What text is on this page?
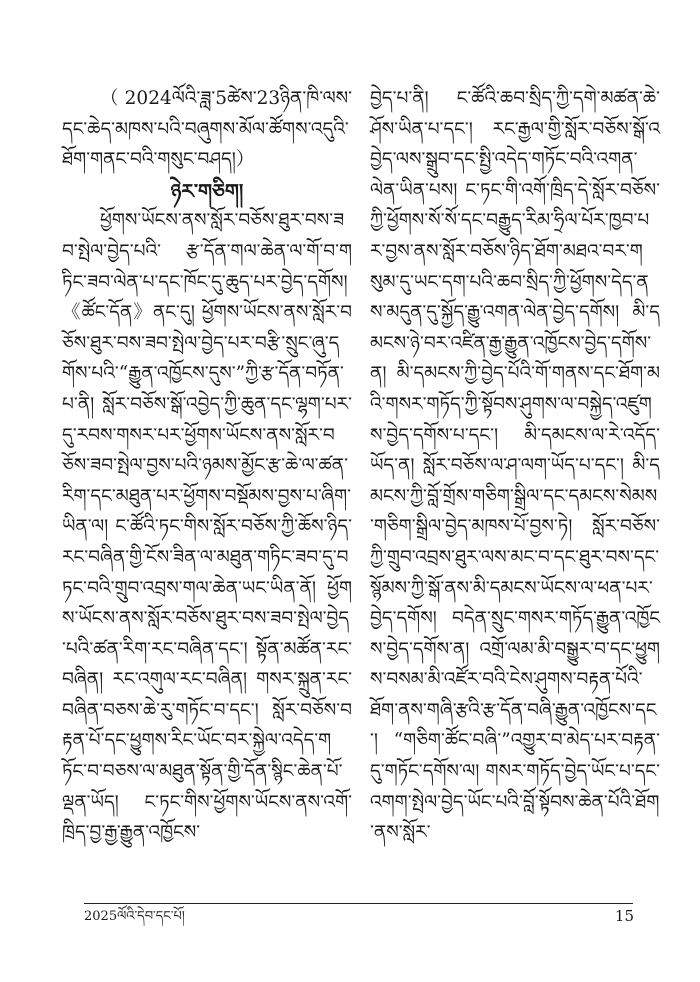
（2024ལོའི་ཟླ་5ཚེས་23ཉིན་ཁི་ལས་དང་ཆེད་མཁས་པའི་བཞུགས་མོལ་ཚོགས་འདུའི་ཐོག་གནང་བའི་གསུང་བཤད།）

ཉེར་གཅིག།

ཕྱོགས་ཡོངས་ནས་སློར་བཅོས་ཐུར་བས་ཟབ་སྤེལ་བྱེད་པའི་ རྩ་དོན་གལ་ཆེན་ལ་གོ་བ་གཏིང་ཟབ་ལེན་པ་དང་ཁོང་དུ་ཆུད་པར་བྱེད་དགོས། 《ཚོང་དོན》ནང་དུ། ཕྱོགས་ཡོངས་ནས་སློར་བཅོས་ཐུར་བས་ཟབ་སྤེལ་བྱེད་པར་བརྩི་སྲུང་ཞུ་དགོས་པའི་“རྒྱུན་འཁྱོངས་དུས་”ཀྱི་རྩ་དོན་བཏོན་པ་ནི། སློར་བཅོས་སྒོ་འབྱེད་ཀྱི་ཆུན་དང་ལྷག་པར་དུ་རབས་གསར་པར་ཕྱོགས་ཡོངས་ནས་སློར་བཅོས་ཟབ་སྤེལ་བྱས་པའི་ཉམས་མྱོང་རྩ་ཆེ་ལ་ཚན་རིག་དང་མཐུན་པར་ཕྱོགས་བསྡོམས་བྱས་པ་ཞིག་ཡིན་ལ། ང་ཚོའི་ཏང་གིས་སློར་བཅོས་ཀྱི་ཆོས་ཉིད་རང་བཞིན་གྱི་ངོས་ཟིན་ལ་མཐུན་གཏིང་ཟབ་དུ་བཏང་བའི་གྲུབ་འབྲས་གལ་ཆེན་ཡང་ཡིན་ནོ། ཕྱོགས་ཡོངས་ནས་སློར་བཅོས་ཐུར་བས་ཟབ་སྤེལ་བྱེད་པའི་ཚན་རིག་རང་བཞིན་དང་། སྟོན་མཚོན་རང་བཞིན། རང་འགུལ་རང་བཞིན། གསར་སྐྲུན་རང་བཞིན་བཅས་ཆེ་རུ་གཏོང་བ་དང་། སློར་བཅོས་བརྟན་པོ་དང་ཕྱུགས་རིང་ཡོང་བར་སྐྱེལ་འདེད་གཏོང་བ་བཅས་ལ་མཐུན་སྟོན་གྱི་དོན་སྙིང་ཆེན་པོ་ལྡན་ཡོད། ང་ཏང་གིས་ཕྱོགས་ཡོངས་ནས་འགོ་ཁྲིད་བྱ་རྒྱ་རྒྱུན་འཁྱོངས་

བྱེད་པ་ནི། ང་ཚོའི་ཆབ་སྲིད་ཀྱི་དགེ་མཚན་ཆེ་ཤོས་ཡིན་པ་དང་། རང་རྒྱལ་གྱི་སློར་བཅོས་སྒོ་འབྱེད་ལས་སྒྲུབ་དང་སྤྱི་འདེད་གཏོང་བའི་འགན་ལེན་ཡིན་པས། ང་ཏང་གི་འགོ་ཁྲིད་དེ་སློར་བཅོས་ཀྱི་ཕྱོགས་སོ་སོ་དང་བརྒྱུད་རིམ་ཧྲིལ་པོར་ཁྱབ་པར་བྱས་ནས་སློར་བཅོས་ཉིད་ཐོག་མཐའ་བར་གསུམ་དུ་ཡང་དག་པའི་ཆབ་སྲིད་ཀྱི་ཕྱོགས་དེད་ནས་མདུན་དུ་སྐྱོད་རྒྱུ་འགན་ལེན་བྱེད་དགོས། མི་དམངས་ཉེ་བར་འཛིན་རྒྱ་རྒྱུན་འཁྱོངས་བྱེད་དགོས་ན། མི་དམངས་ཀྱི་བྱེད་པོའི་གོ་གནས་དང་ཐོག་མའི་གསར་གཏོད་ཀྱི་སྟོབས་ཤུགས་ལ་བསྐྱེད་འཛུགས་བྱེད་དགོས་པ་དང་། མི་དམངས་ལ་རེ་འདོད་ཡོད་ན། སློར་བཅོས་ལ་ཤ་ལག་ཡོད་པ་དང་། མི་དམངས་ཀྱི་བློ་གྲོས་གཅིག་སྒྲིལ་དང་དམངས་སེམས་གཅིག་སྒྲིལ་བྱེད་མཁས་པོ་བྱས་ཏེ། སློར་བཅོས་ཀྱི་གྲུབ་འབྲས་ཐུར་ལས་མང་བ་དང་ཐུར་བས་དང་སྙོམས་ཀྱི་སྒོ་ནས་མི་དམངས་ཡོངས་ལ་ཕན་པར་བྱེད་དགོས། བདེན་སྲུང་གསར་གཏོད་རྒྱུན་འཁྱོངས་བྱེད་དགོས་ན། འགྲོ་ལམ་མི་བསྒྱུར་བ་དང་ཕྱུགས་བསམ་མི་འཛོར་བའི་ངེས་ཤུགས་བརྟན་པོའི་ཐོག་ནས་གཞི་རྩའི་རྩ་དོན་བཞི་རྒྱུན་འཁྱོངས་དང་། “གཅིག་ཚོང་བཞི་”འགྱུར་བ་མེད་པར་བརྟན་དུ་གཏོང་དགོས་ལ། གསར་གཏོད་བྱེད་ཡོང་པ་དང་འགག་སྤེལ་བྱེད་ཡོང་པའི་བློ་སྟོབས་ཆེན་པོའི་ཐོག་ནས་སློར་

2025ལོའི་དེབ་དང་པོ།	15
